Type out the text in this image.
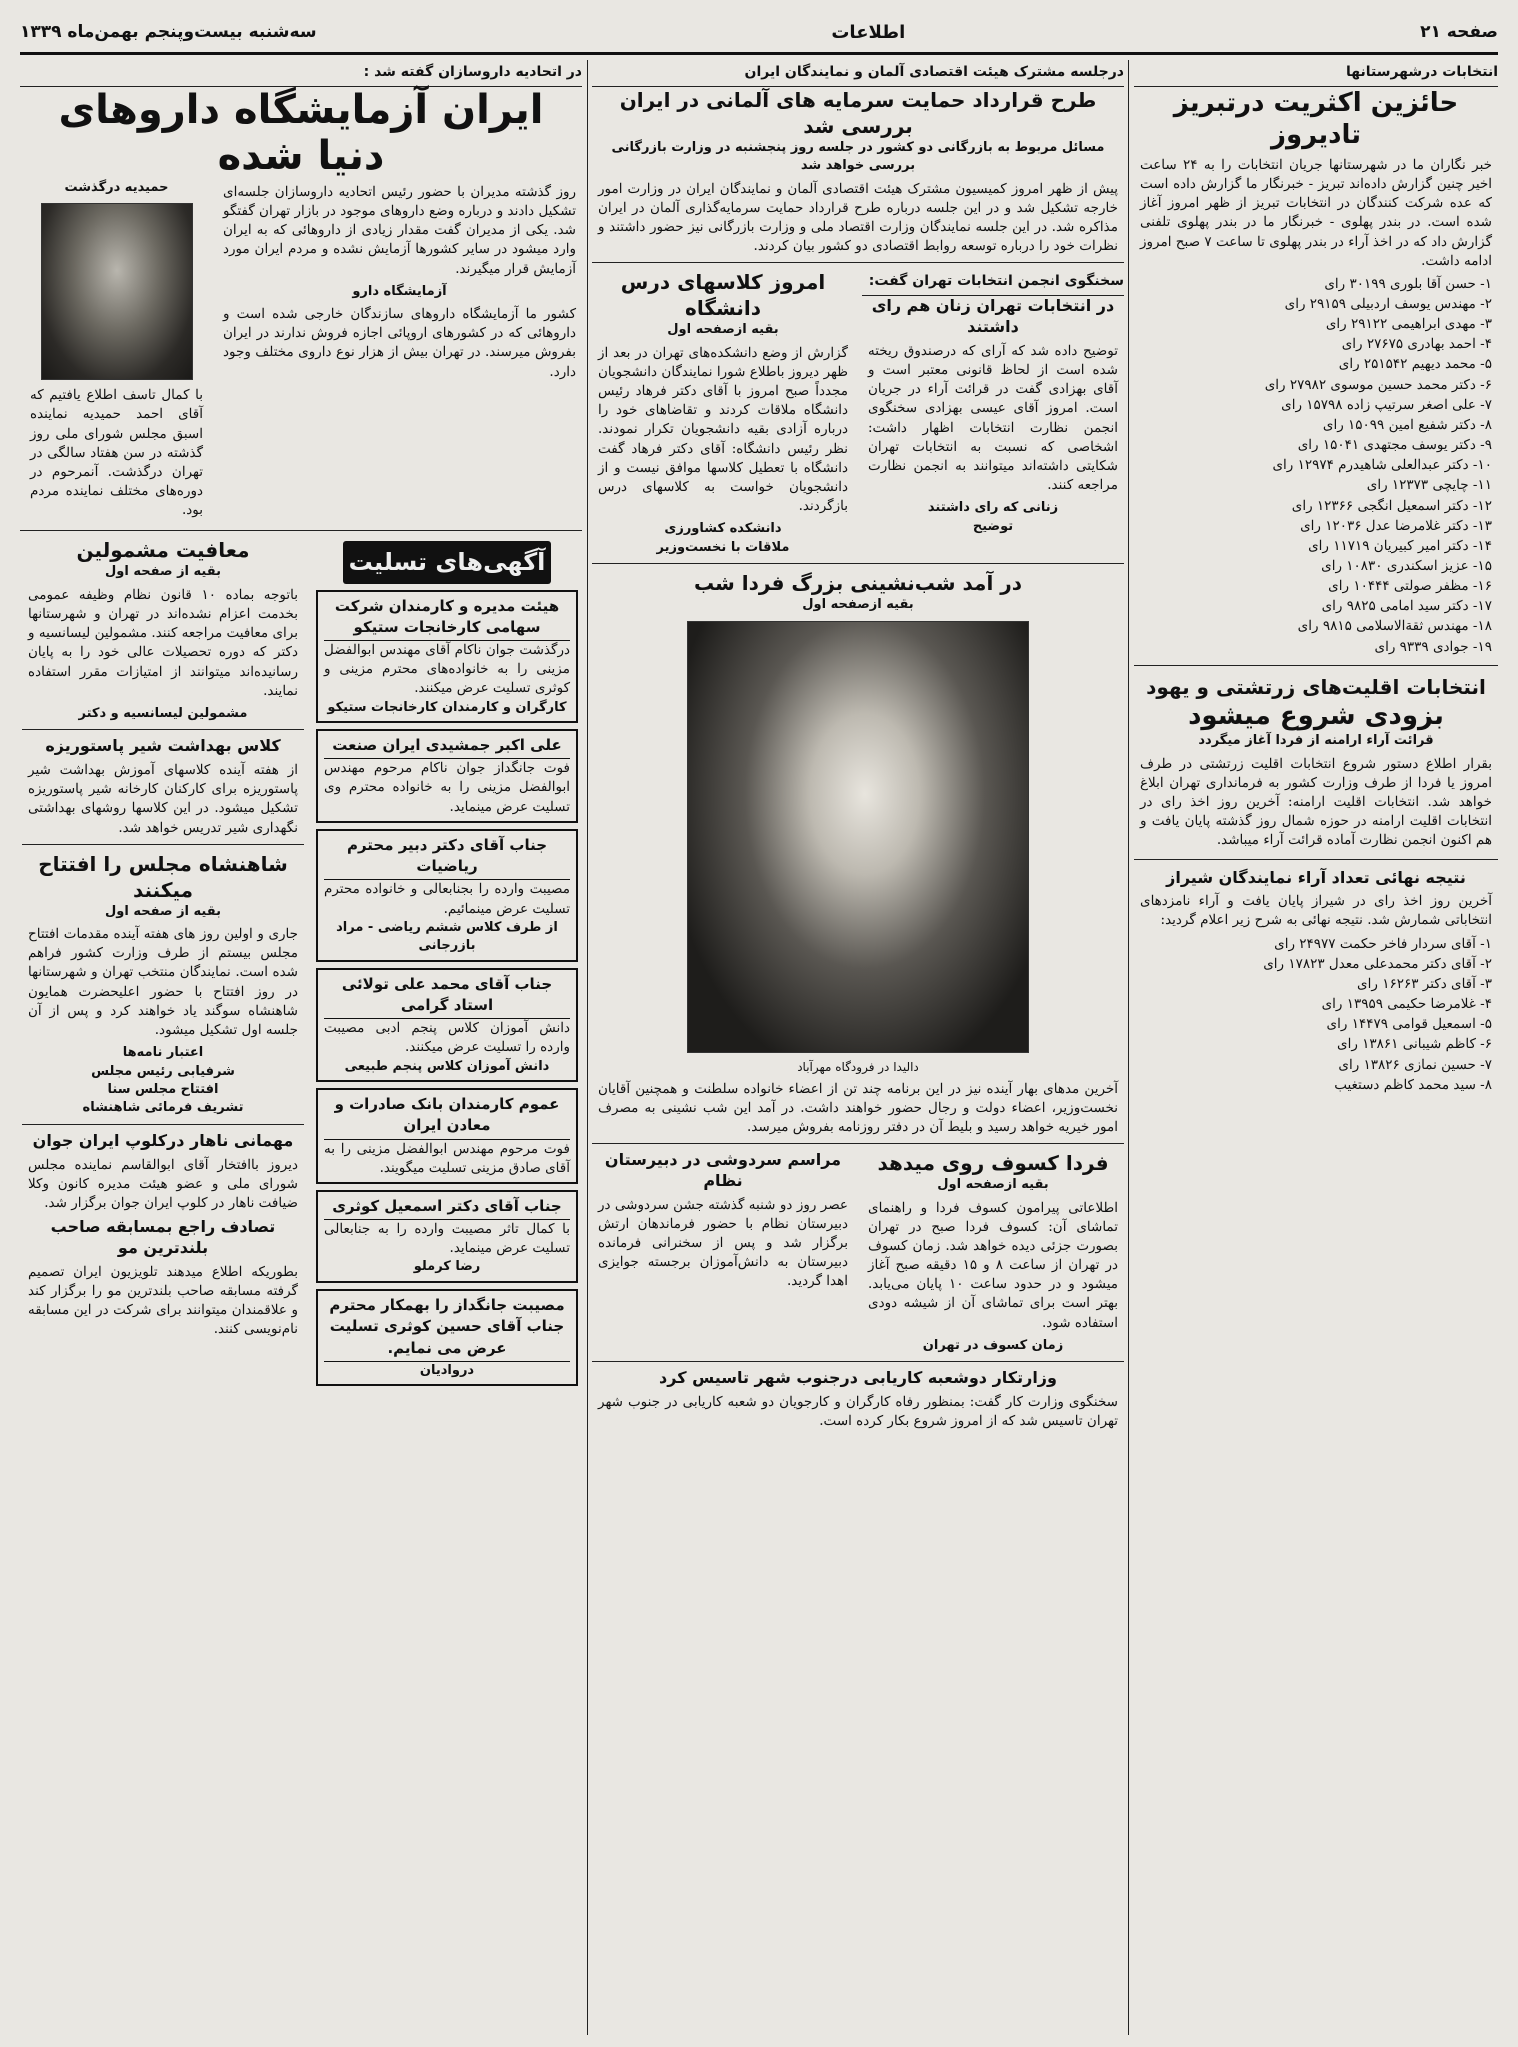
صفحه ۲۱
اطلاعات
سه‌شنبه بیست‌وپنجم بهمن‌ماه ۱۳۳۹
انتخابات درشهرستانها
حائزین اکثریت درتبریز تادیروز
خبر نگاران ما در شهرستانها جریان انتخابات را به ۲۴ ساعت اخیر چنین گزارش داده‌اند تبریز - خبرنگار ما گزارش داده است که عده شرکت کنندگان در انتخابات تبریز از ظهر امروز آغاز شده است. در بندر پهلوی - خبرنگار ما در بندر پهلوی تلفنی گزارش داد که در اخذ آراء در بندر پهلوی تا ساعت ۷ صبح امروز ادامه داشت.
۱- حسن آقا بلوری ۳۰۱۹۹ رای
۲- مهندس یوسف اردبیلی ۲۹۱۵۹ رای
۳- مهدی ابراهیمی ۲۹۱۲۲ رای
۴- احمد بهادری ۲۷۶۷۵ رای
۵- محمد دیهیم ۲۵۱۵۴۲ رای
۶- دکتر محمد حسین موسوی ۲۷۹۸۲ رای
۷- علی اصغر سرتیپ زاده ۱۵۷۹۸ رای
۸- دکتر شفیع امین ۱۵۰۹۹ رای
۹- دکتر یوسف مجتهدی ۱۵۰۴۱ رای
۱۰- دکتر عبدالعلی شاهیدرم ۱۲۹۷۴ رای
۱۱- چایچی ۱۲۳۷۳ رای
۱۲- دکتر اسمعیل انگجی ۱۲۳۶۶ رای
۱۳- دکتر غلامرضا عدل ۱۲۰۳۶ رای
۱۴- دکتر امیر کبیریان ۱۱۷۱۹ رای
۱۵- عزیز اسکندری ۱۰۸۳۰ رای
۱۶- مظفر صولتی ۱۰۴۴۴ رای
۱۷- دکتر سید امامی ۹۸۲۵ رای
۱۸- مهندس ثقة‌الاسلامی ۹۸۱۵ رای
۱۹- جوادی ۹۳۳۹ رای
انتخابات اقلیت‌های زرتشتی و یهود
بزودی شروع میشود
قرائت آراء ارامنه از فردا آغاز میگردد
بقرار اطلاع دستور شروع انتخابات اقلیت زرتشتی در طرف امروز یا فردا از طرف وزارت کشور به فرمانداری تهران ابلاغ خواهد شد. انتخابات اقلیت ارامنه: آخرین روز اخذ رای در انتخابات اقلیت ارامنه در حوزه شمال روز گذشته پایان یافت و هم اکنون انجمن نظارت آماده قرائت آراء میباشد.
نتیجه نهائی تعداد آراء نمایندگان شیراز
آخرین روز اخذ رای در شیراز پایان یافت و آراء نامزدهای انتخاباتی شمارش شد. نتیجه نهائی به شرح زیر اعلام گردید:
۱- آقای سردار فاخر حکمت ۲۴۹۷۷ رای
۲- آقای دکتر محمدعلی معدل ۱۷۸۲۳ رای
۳- آقای دکتر ۱۶۲۶۳ رای
۴- غلامرضا حکیمی ۱۳۹۵۹ رای
۵- اسمعیل قوامی ۱۴۴۷۹ رای
۶- کاظم شیبانی ۱۳۸۶۱ رای
۷- حسین نمازی ۱۳۸۲۶ رای
۸- سید محمد کاظم دستغیب
درجلسه مشترک هیئت اقتصادی آلمان و نمایندگان ایران
طرح قرارداد حمایت سرمایه های آلمانی در ایران بررسی شد
مسائل مربوط به بازرگانی دو کشور در جلسه روز پنجشنبه در وزارت بازرگانی بررسی خواهد شد
پیش از ظهر امروز کمیسیون مشترک هیئت اقتصادی آلمان و نمایندگان ایران در وزارت امور خارجه تشکیل شد و در این جلسه درباره طرح قرارداد حمایت سرمایه‌گذاری آلمان در ایران مذاکره شد. در این جلسه نمایندگان وزارت اقتصاد ملی و وزارت بازرگانی نیز حضور داشتند و نظرات خود را درباره توسعه روابط اقتصادی دو کشور بیان کردند.
سخنگوی انجمن انتخابات تهران گفت:
در انتخابات تهران زنان هم رای داشتند
توضیح داده شد که آرای که درصندوق ریخته شده است از لحاظ قانونی معتبر است و آقای بهزادی گفت در قرائت آراء در جریان است. امروز آقای عیسی بهزادی سخنگوی انجمن نظارت انتخابات اظهار داشت: اشخاصی که نسبت به انتخابات تهران شکایتی داشته‌اند میتوانند به انجمن نظارت مراجعه کنند.
زنانی که رای داشتند
توضیح
امروز کلاسهای درس دانشگاه
بقیه ازصفحه اول
گزارش از وضع دانشکده‌های تهران در بعد از ظهر دیروز باطلاع شورا نمایندگان دانشجویان مجدداً صبح امروز با آقای دکتر فرهاد رئیس دانشگاه ملاقات کردند و تقاضاهای خود را درباره آزادی بقیه دانشجویان تکرار نمودند. نظر رئیس دانشگاه: آقای دکتر فرهاد گفت دانشگاه با تعطیل کلاسها موافق نیست و از دانشجویان خواست به کلاسهای درس بازگردند.
دانشکده کشاورزی
ملاقات با نخست‌وزیر
در آمد شب‌نشینی بزرگ فردا شب
بقیه ازصفحه اول
دالیدا در فرودگاه مهرآباد
آخرین مدهای بهار آینده نیز در این برنامه چند تن از اعضاء خانواده سلطنت و همچنین آقایان نخست‌وزیر، اعضاء دولت و رجال حضور خواهند داشت. در آمد این شب نشینی به مصرف امور خیریه خواهد رسید و بلیط آن در دفتر روزنامه بفروش میرسد.
فردا کسوف روی میدهد
بقیه ازصفحه اول
اطلاعاتی پیرامون کسوف فردا و راهنمای تماشای آن: کسوف فردا صبح در تهران بصورت جزئی دیده خواهد شد. زمان کسوف در تهران از ساعت ۸ و ۱۵ دقیقه صبح آغاز میشود و در حدود ساعت ۱۰ پایان می‌یابد. بهتر است برای تماشای آن از شیشه دودی استفاده شود.
زمان کسوف در تهران
مراسم سردوشی در دبیرستان نظام
عصر روز دو شنبه گذشته جشن سردوشی در دبیرستان نظام با حضور فرماندهان ارتش برگزار شد و پس از سخنرانی فرمانده دبیرستان به دانش‌آموزان برجسته جوایزی اهدا گردید.
وزارتکار دوشعبه کاریابی درجنوب شهر تاسیس کرد
سخنگوی وزارت کار گفت: بمنظور رفاه کارگران و کارجویان دو شعبه کاریابی در جنوب شهر تهران تاسیس شد که از امروز شروع بکار کرده است.
در اتحادیه داروسازان گفته شد :
ایران آزمایشگاه داروهای دنیا شده
روز گذشته مدیران با حضور رئیس اتحادیه داروسازان جلسه‌ای تشکیل دادند و درباره وضع داروهای موجود در بازار تهران گفتگو شد. یکی از مدیران گفت مقدار زیادی از داروهائی که به ایران وارد میشود در سایر کشورها آزمایش نشده و مردم ایران مورد آزمایش قرار میگیرند.
آزمایشگاه دارو
کشور ما آزمایشگاه داروهای سازندگان خارجی شده است و داروهائی که در کشورهای اروپائی اجازه فروش ندارند در ایران بفروش میرسند. در تهران بیش از هزار نوع داروی مختلف وجود دارد.
حمیدیه درگذشت
با کمال تاسف اطلاع یافتیم که آقای احمد حمیدیه نماینده اسبق مجلس شورای ملی روز گذشته در سن هفتاد سالگی در تهران درگذشت. آنمرحوم در دوره‌های مختلف نماینده مردم بود.
آگهی‌های تسلیت
هیئت مدیره و کارمندان شرکت سهامی کارخانجات ستیکو
درگذشت جوان ناکام آقای مهندس ابوالفضل مزینی را به خانواده‌های محترم مزینی و کوثری تسلیت عرض میکنند.
کارگران و کارمندان کارخانجات ستیکو
علی اکبر جمشیدی ایران صنعت
فوت جانگداز جوان ناکام مرحوم مهندس ابوالفضل مزینی را به خانواده محترم وی تسلیت عرض مینماید.
جناب آقای دکتر دبیر محترم ریاضیات
مصیبت وارده را بجنابعالی و خانواده محترم تسلیت عرض مینمائیم.
از طرف کلاس ششم ریاضی - مراد بازرجانی
جناب آقای محمد علی تولائی استاد گرامی
دانش آموزان کلاس پنجم ادبی مصیبت وارده را تسلیت عرض میکنند.
دانش آموزان کلاس پنجم طبیعی
عموم کارمندان بانک صادرات و معادن ایران
فوت مرحوم مهندس ابوالفضل مزینی را به آقای صادق مزینی تسلیت میگویند.
جناب آقای دکتر اسمعیل کوثری
با کمال تاثر مصیبت وارده را به جنابعالی تسلیت عرض مینماید.
رضا کرملو
مصیبت جانگداز را بهمکار محترم جناب آقای حسین کوثری تسلیت عرض می نمایم.
دروادیان
معافیت مشمولین
بقیه از صفحه اول
باتوجه بماده ۱۰ قانون نظام وظیفه عمومی بخدمت اعزام نشده‌اند در تهران و شهرستانها برای معافیت مراجعه کنند. مشمولین لیسانسیه و دکتر که دوره تحصیلات عالی خود را به پایان رسانیده‌اند میتوانند از امتیازات مقرر استفاده نمایند.
مشمولین لیسانسیه و دکتر
کلاس بهداشت شیر پاستوریزه
از هفته آینده کلاسهای آموزش بهداشت شیر پاستوریزه برای کارکنان کارخانه شیر پاستوریزه تشکیل میشود. در این کلاسها روشهای بهداشتی نگهداری شیر تدریس خواهد شد.
شاهنشاه مجلس را افتتاح میکنند
بقیه از صفحه اول
جاری و اولین روز های هفته آینده مقدمات افتتاح مجلس بیستم از طرف وزارت کشور فراهم شده است. نمایندگان منتخب تهران و شهرستانها در روز افتتاح با حضور اعلیحضرت همایون شاهنشاه سوگند یاد خواهند کرد و پس از آن جلسه اول تشکیل میشود.
اعتبار نامه‌ها
شرفیابی رئیس مجلس
افتتاح مجلس سنا
تشریف فرمائی شاهنشاه
مهمانی ناهار درکلوپ ایران جوان
دیروز باافتخار آقای ابوالقاسم نماینده مجلس شورای ملی و عضو هیئت مدیره کانون وکلا ضیافت ناهار در کلوپ ایران جوان برگزار شد.
تصادف راجع بمسابقه صاحب بلندترین مو
بطوریکه اطلاع میدهند تلویزیون ایران تصمیم گرفته مسابقه صاحب بلندترین مو را برگزار کند و علاقمندان میتوانند برای شرکت در این مسابقه نام‌نویسی کنند.
